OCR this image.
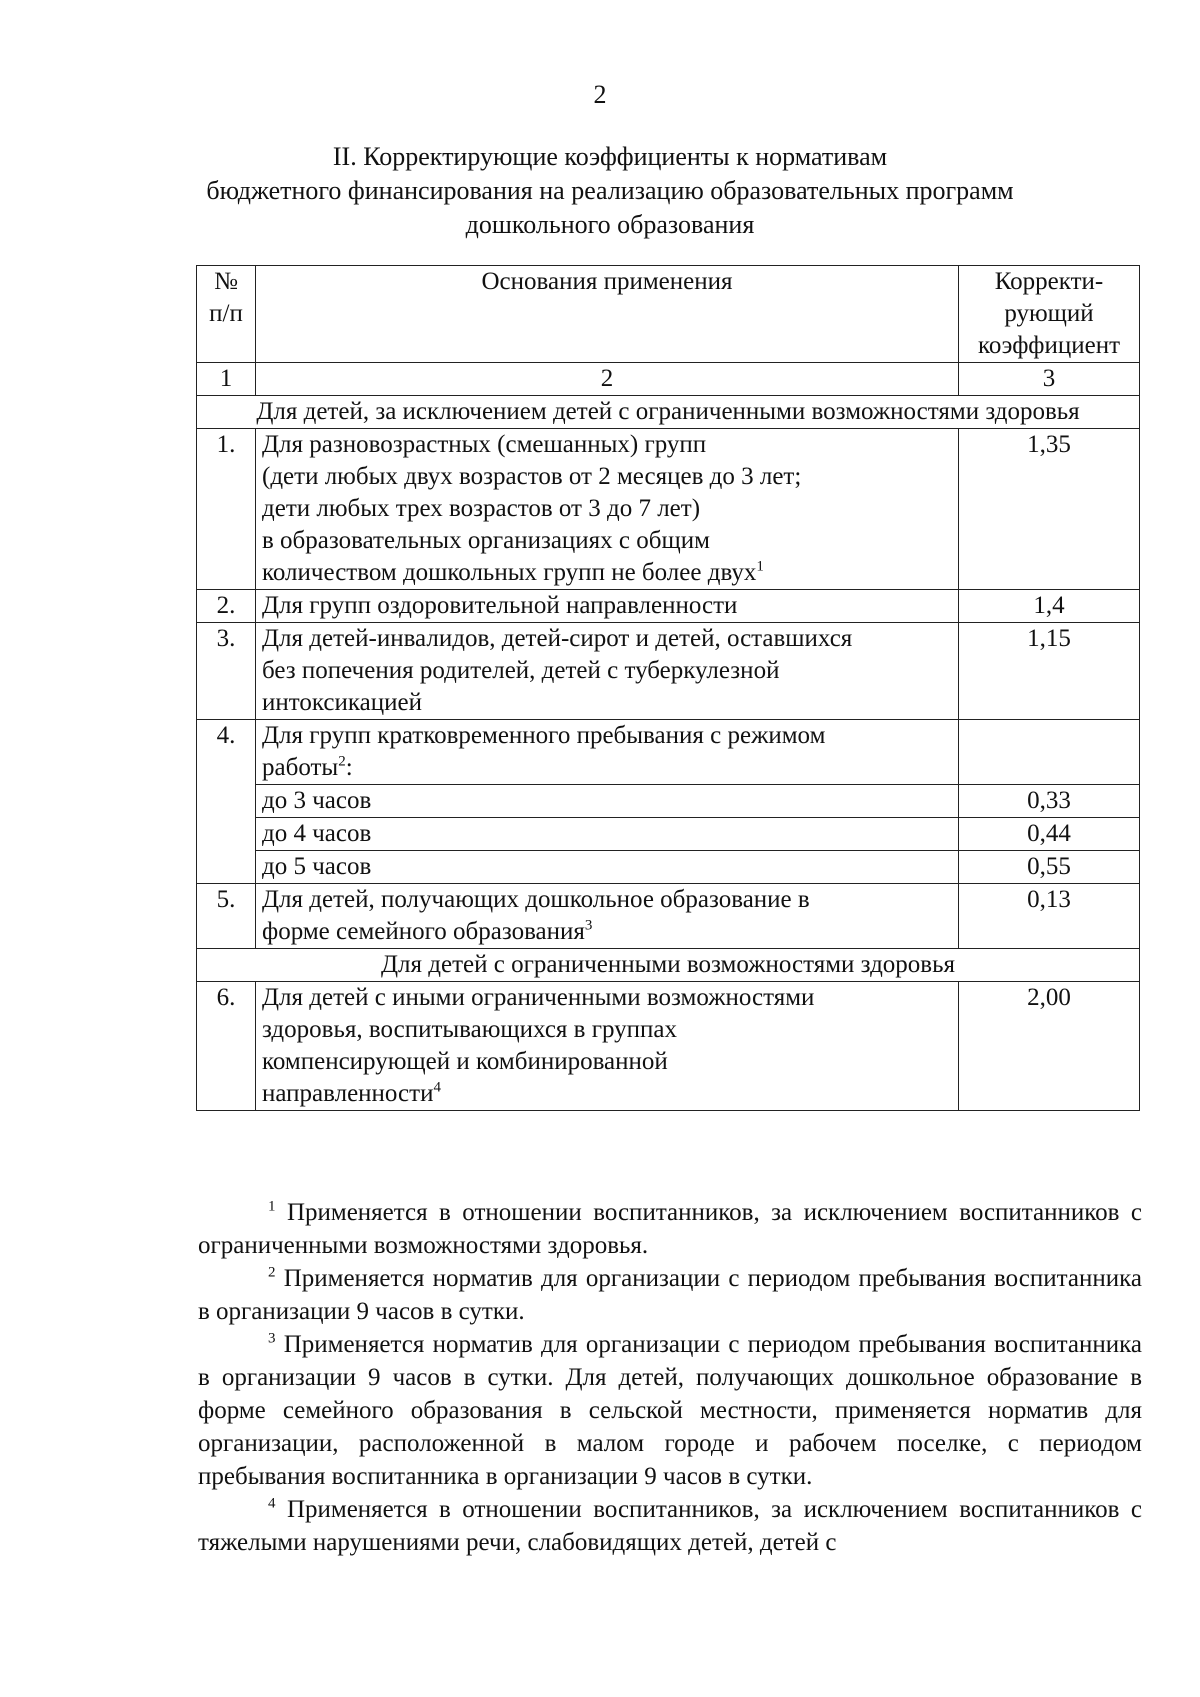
2
II. Корректирующие коэффициенты к нормативам
бюджетного финансирования на реализацию образовательных программ
дошкольного образования
№ п/п	Основания применения	Корректи-
рующий
коэффициент

1	2	3
Для детей, за исключением детей с ограниченными возможностями здоровья		
1.	Для разновозрастных (смешанных) групп
(дети любых двух возрастов от 2 месяцев до 3 лет;
дети любых трех возрастов от 3 до 7 лет)
в образовательных организациях с общим
количеством дошкольных групп не более двух$^1$	1,35
2.	Для групп оздоровительной направленности	1,4
3.	Для детей-инвалидов, детей-сирот и детей, оставшихся
без попечения родителей, детей с туберкулезной
интоксикацией	1,15
4.	Для групп кратковременного пребывания с режимом
работы$^2$:	

	до 3 часов	0,33
	до 4 часов	0,44
	до 5 часов	0,55
5.	Для детей, получающих дошкольное образование в
форме семейного образования$^3$	0,13
Для детей с ограниченными возможностями здоровья		
6.	Для детей с иными ограниченными возможностями
здоровья, воспитывающихся в группах
компенсирующей и комбинированной
направленности$^4$	2,00

$^1$ Применяется в отношении воспитанников, за исключением воспитанников с ограниченными возможностями здоровья.

$^2$ Применяется норматив для организации с периодом пребывания воспитанника в организации 9 часов в сутки.

$^3$ Применяется норматив для организации с периодом пребывания воспитанника в организации 9 часов в сутки. Для детей, получающих дошкольное образование в форме семейного образования в сельской местности, применяется норматив для организации, расположенной в малом городе и рабочем поселке, с периодом пребывания воспитанника в организации 9 часов в сутки.

$^4$ Применяется в отношении воспитанников, за исключением воспитанников с тяжелыми нарушениями речи, слабовидящих детей, детей с
